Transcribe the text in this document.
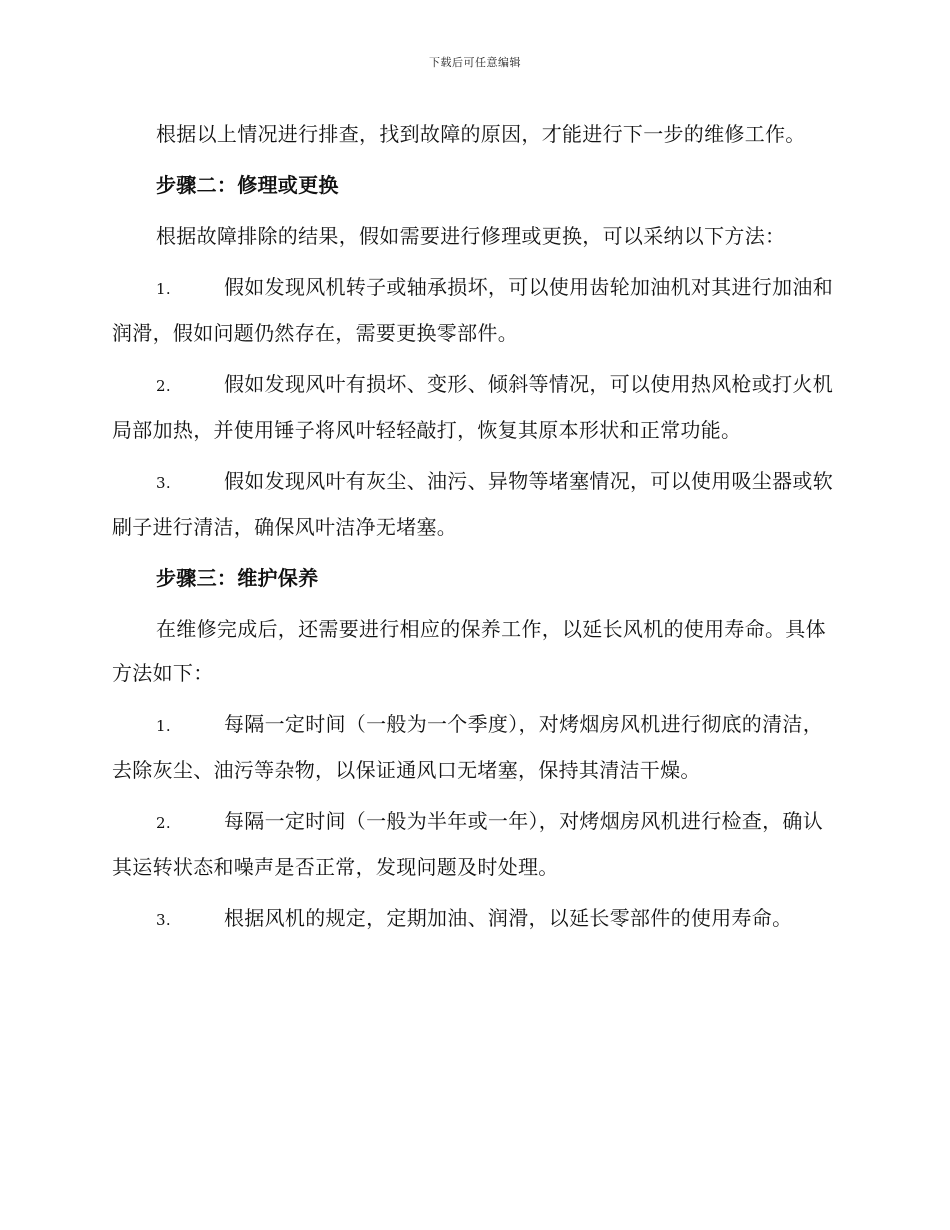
下载后可任意编辑

根据以上情况进行排查，找到故障的原因，才能进行下一步的维修工作。

步骤二：修理或更换

根据故障排除的结果，假如需要进行修理或更换，可以采纳以下方法：

1.	假如发现风机转子或轴承损坏，可以使用齿轮加油机对其进行加油和润滑，假如问题仍然存在，需要更换零部件。
2.	假如发现风叶有损坏、变形、倾斜等情况，可以使用热风枪或打火机局部加热，并使用锤子将风叶轻轻敲打，恢复其原本形状和正常功能。
3.	假如发现风叶有灰尘、油污、异物等堵塞情况，可以使用吸尘器或软刷子进行清洁，确保风叶洁净无堵塞。
步骤三：维护保养

在维修完成后，还需要进行相应的保养工作，以延长风机的使用寿命。具体方法如下：

1.	每隔一定时间（一般为一个季度），对烤烟房风机进行彻底的清洁，去除灰尘、油污等杂物，以保证通风口无堵塞，保持其清洁干燥。
2.	每隔一定时间（一般为半年或一年），对烤烟房风机进行检查，确认其运转状态和噪声是否正常，发现问题及时处理。
3.	根据风机的规定，定期加油、润滑，以延长零部件的使用寿命。
